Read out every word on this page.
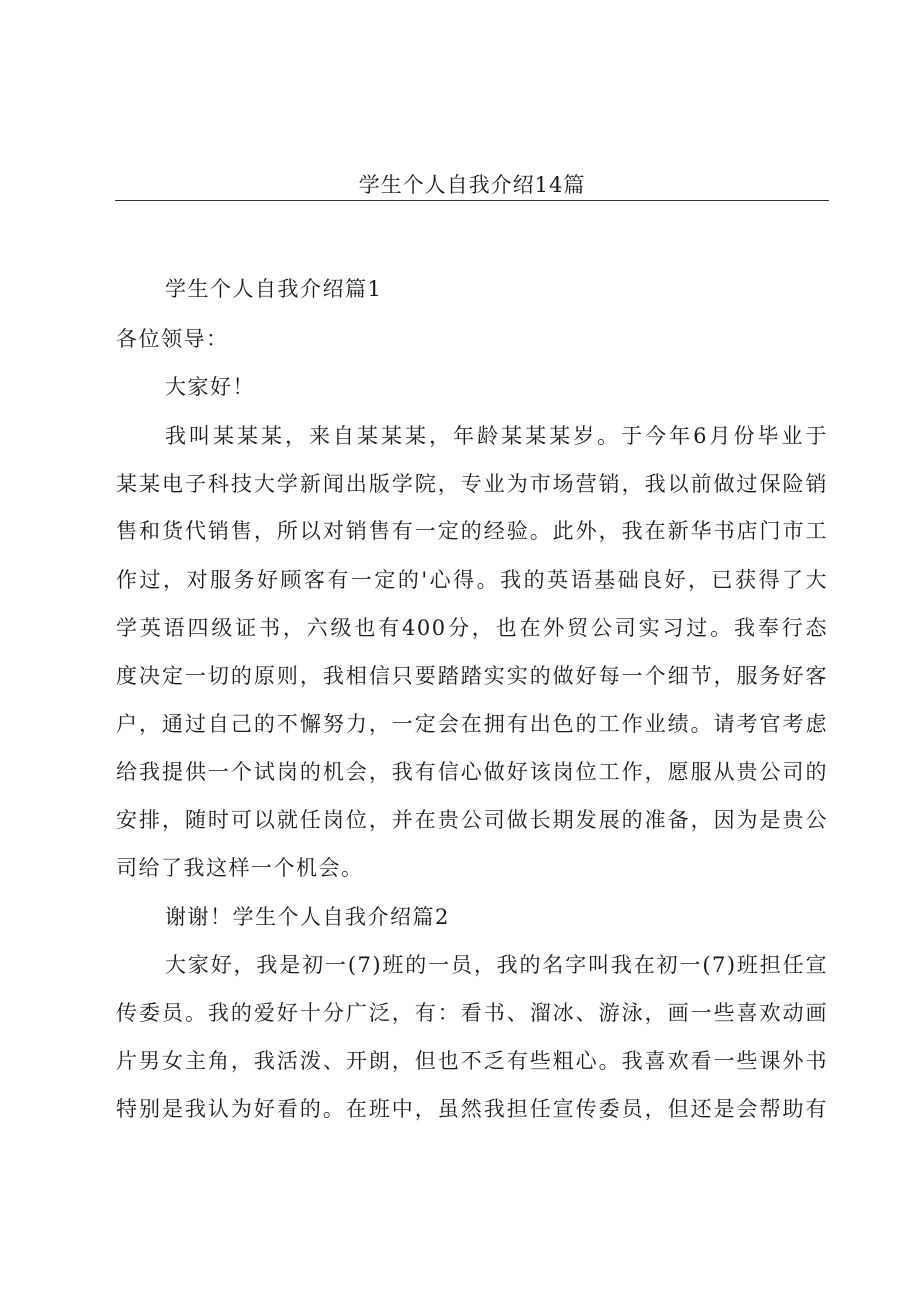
学生个人自我介绍14篇

学生个人自我介绍篇1

各位领导：

大家好！

我叫某某某，来自某某某，年龄某某某岁。于今年6月份毕业于

某某电子科技大学新闻出版学院，专业为市场营销，我以前做过保险销

售和货代销售，所以对销售有一定的经验。此外，我在新华书店门市工

作过，对服务好顾客有一定的'心得。我的英语基础良好，已获得了大

学英语四级证书，六级也有400分，也在外贸公司实习过。我奉行态

度决定一切的原则，我相信只要踏踏实实的做好每一个细节，服务好客

户，通过自己的不懈努力，一定会在拥有出色的工作业绩。请考官考虑

给我提供一个试岗的机会，我有信心做好该岗位工作，愿服从贵公司的

安排，随时可以就任岗位，并在贵公司做长期发展的准备，因为是贵公

司给了我这样一个机会。

谢谢！学生个人自我介绍篇2

大家好，我是初一(7)班的一员，我的名字叫我在初一(7)班担任宣

传委员。我的爱好十分广泛，有：看书、溜冰、游泳，画一些喜欢动画

片男女主角，我活泼、开朗，但也不乏有些粗心。我喜欢看一些课外书

特别是我认为好看的。在班中，虽然我担任宣传委员，但还是会帮助有
